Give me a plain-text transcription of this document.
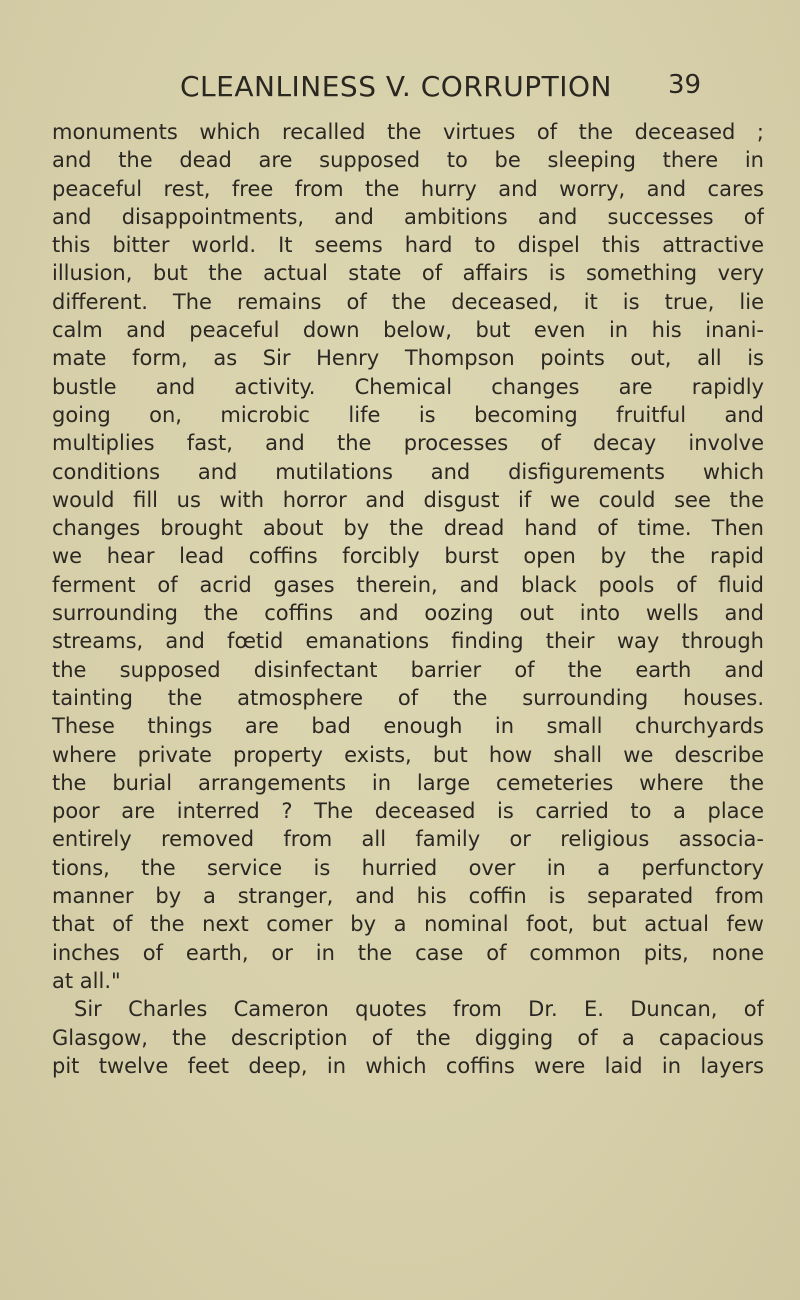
CLEANLINESS V. CORRUPTION 39
monuments which recalled the virtues of the deceased ;
and the dead are supposed to be sleeping there in
peaceful rest, free from the hurry and worry, and cares
and disappointments, and ambitions and successes of
this bitter world. It seems hard to dispel this attractive
illusion, but the actual state of affairs is something very
different. The remains of the deceased, it is true, lie
calm and peaceful down below, but even in his inani-
mate form, as Sir Henry Thompson points out, all is
bustle and activity. Chemical changes are rapidly
going on, microbic life is becoming fruitful and
multiplies fast, and the processes of decay involve
conditions and mutilations and disfigurements which
would fill us with horror and disgust if we could see the
changes brought about by the dread hand of time. Then
we hear lead coffins forcibly burst open by the rapid
ferment of acrid gases therein, and black pools of fluid
surrounding the coffins and oozing out into wells and
streams, and fœtid emanations finding their way through
the supposed disinfectant barrier of the earth and
tainting the atmosphere of the surrounding houses.
These things are bad enough in small churchyards
where private property exists, but how shall we describe
the burial arrangements in large cemeteries where the
poor are interred ? The deceased is carried to a place
entirely removed from all family or religious associa-
tions, the service is hurried over in a perfunctory
manner by a stranger, and his coffin is separated from
that of the next comer by a nominal foot, but actual few
inches of earth, or in the case of common pits, none
at all."
Sir Charles Cameron quotes from Dr. E. Duncan, of
Glasgow, the description of the digging of a capacious
pit twelve feet deep, in which coffins were laid in layers
